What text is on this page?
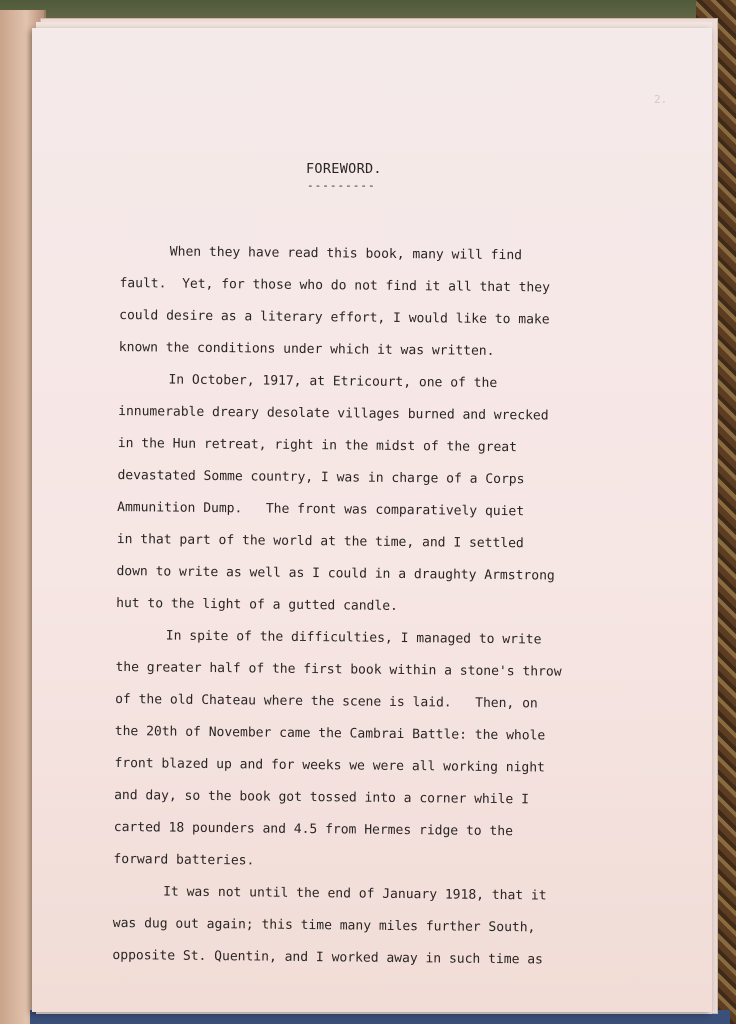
2.
FOREWORD.
---------
When they have read this book, many will find
fault.  Yet, for those who do not find it all that they
could desire as a literary effort, I would like to make
known the conditions under which it was written.
In October, 1917, at Etricourt, one of the
innumerable dreary desolate villages burned and wrecked
in the Hun retreat, right in the midst of the great
devastated Somme country, I was in charge of a Corps
Ammunition Dump.   The front was comparatively quiet
in that part of the world at the time, and I settled
down to write as well as I could in a draughty Armstrong
hut to the light of a gutted candle.
In spite of the difficulties, I managed to write
the greater half of the first book within a stone's throw
of the old Chateau where the scene is laid.   Then, on
the 20th of November came the Cambrai Battle: the whole
front blazed up and for weeks we were all working night
and day, so the book got tossed into a corner while I
carted 18 pounders and 4.5 from Hermes ridge to the
forward batteries.
It was not until the end of January 1918, that it
was dug out again; this time many miles further South,
opposite St. Quentin, and I worked away in such time as
